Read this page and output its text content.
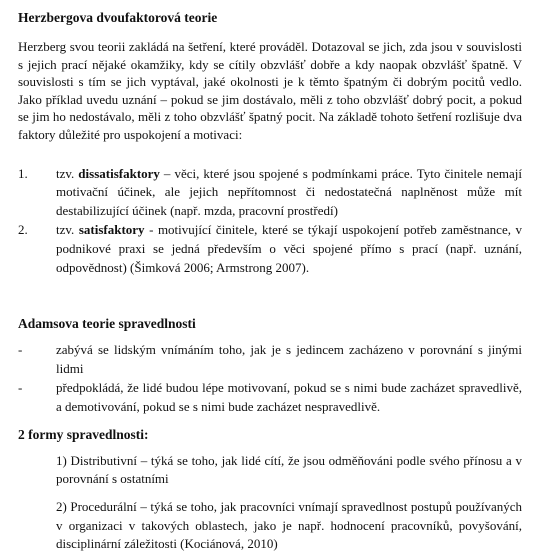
Herzbergova dvoufaktorová teorie

Herzberg svou teorii zakládá na šetření, které prováděl. Dotazoval se jich, zda jsou v souvislosti s jejich prací nějaké okamžiky, kdy se cítily obzvlášť dobře a kdy naopak obzvlášť špatně. V souvislosti s tím se jich vyptával, jaké okolnosti je k těmto špatným či dobrým pocitů vedlo. Jako příklad uvedu uznání – pokud se jim dostávalo, měli z toho obzvlášť dobrý pocit, a pokud se jim ho nedostávalo, měli z toho obzvlášť špatný pocit. Na základě tohoto šetření rozlišuje dva faktory důležité pro uspokojení a motivaci:

1. tzv. dissatisfaktory – věci, které jsou spojené s podmínkami práce. Tyto činitele nemají motivační účinek, ale jejich nepřítomnost či nedostatečná naplněnost může mít destabilizující účinek (např. mzda, pracovní prostředí)
2. tzv. satisfaktory - motivující činitele, které se týkají uspokojení potřeb zaměstnance, v podnikové praxi se jedná především o věci spojené přímo s prací (např. uznání, odpovědnost) (Šimková 2006; Armstrong 2007).
Adamsova teorie spravedlnosti
-	zabývá se lidským vnímáním toho, jak je s jedincem zacházeno v porovnání s jinými lidmi
-	předpokládá, že lidé budou lépe motivovaní, pokud se s nimi bude zacházet spravedlivě, a demotivování, pokud se s nimi bude zacházet nespravedlivě.
2 formy spravedlnosti:

1) Distributivní – týká se toho, jak lidé cítí, že jsou odměňováni podle svého přínosu a v porovnání s ostatními

2) Procedurální – týká se toho, jak pracovníci vnímají spravedlnost postupů používaných v organizaci v takových oblastech, jako je např. hodnocení pracovníků, povyšování, disciplinární záležitosti (Kociánová, 2010)
